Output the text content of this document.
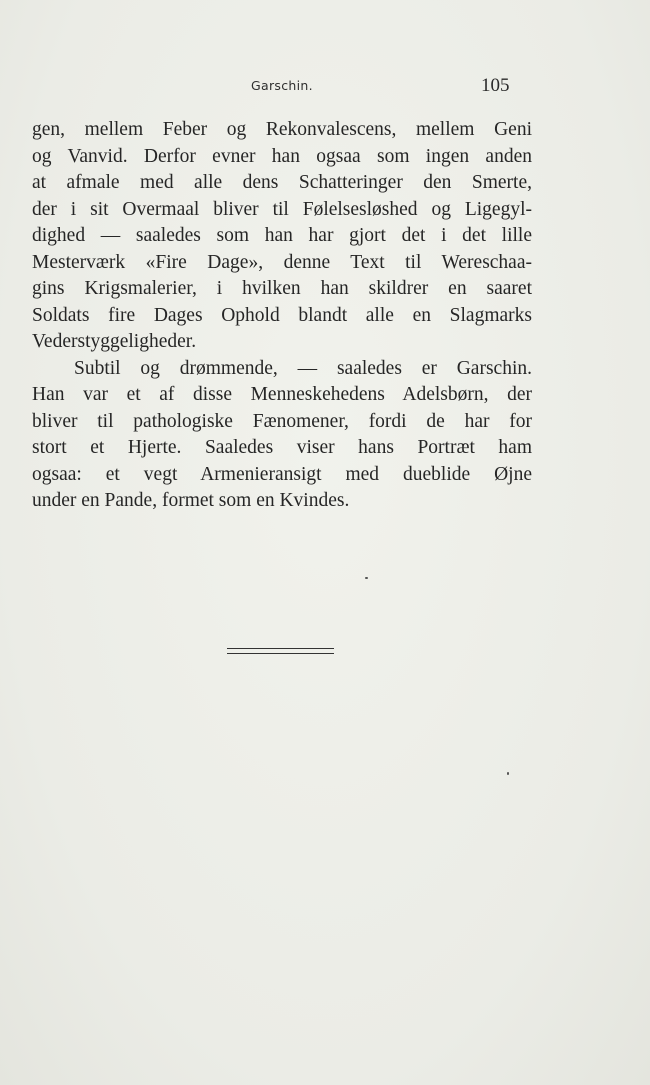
Garschin.	105
gen, mellem Feber og Rekonvalescens, mellem Geni
og Vanvid. Derfor evner han ogsaa som ingen anden
at afmale med alle dens Schatteringer den Smerte,
der i sit Overmaal bliver til Følelsesløshed og Ligegyl-
dighed — saaledes som han har gjort det i det lille
Mesterværk «Fire Dage», denne Text til Wereschaa-
gins Krigsmalerier, i hvilken han skildrer en saaret
Soldats fire Dages Ophold blandt alle en Slagmarks
Vederstyggeligheder.
Subtil og drømmende, — saaledes er Garschin.
Han var et af disse Menneskehedens Adelsbørn, der
bliver til pathologiske Fænomener, fordi de har for
stort et Hjerte. Saaledes viser hans Portræt ham
ogsaa: et vegt Armenieransigt med dueblide Øjne
under en Pande, formet som en Kvindes.
